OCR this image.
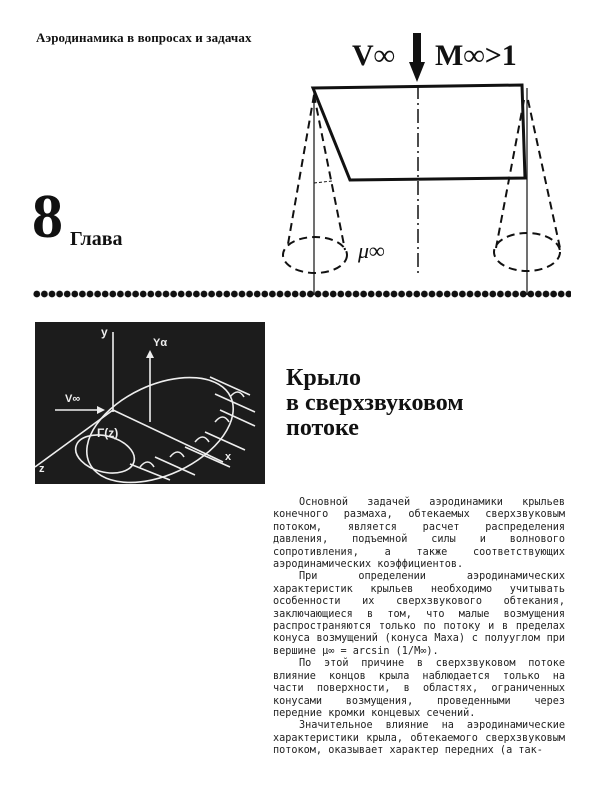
Аэродинамика в вопросах и задачах
V∞ M∞>1
μ∞
8 Глава
y
Yα
V∞
Γ(z)
z
x
Крыло
в сверхзвуковом
потоке

Основной задачей аэродинамики крыльев конечного размаха, обтекаемых сверхзвуковым потоком, является расчет распределения давления, подъемной силы и волнового сопротивления, а также соответствующих аэродинамических коэффициентов.

При определении аэродинамических характеристик крыльев необходимо учитывать особенности их сверхзвукового обтекания, заключающиеся в том, что малые возмущения распространяются только по потоку и в пределах конуса возмущений (конуса Маха) с полууглом при вершине μ∞ = arcsin (1/M∞).

По этой причине в сверхзвуковом потоке влияние концов крыла наблюдается только на части поверхности, в областях, ограниченных конусами возмущения, проведенными через передние кромки концевых сечений.

Значительное влияние на аэродинамические характеристики крыла, обтекаемого сверхзвуковым потоком, оказывает характер передних (а так-
